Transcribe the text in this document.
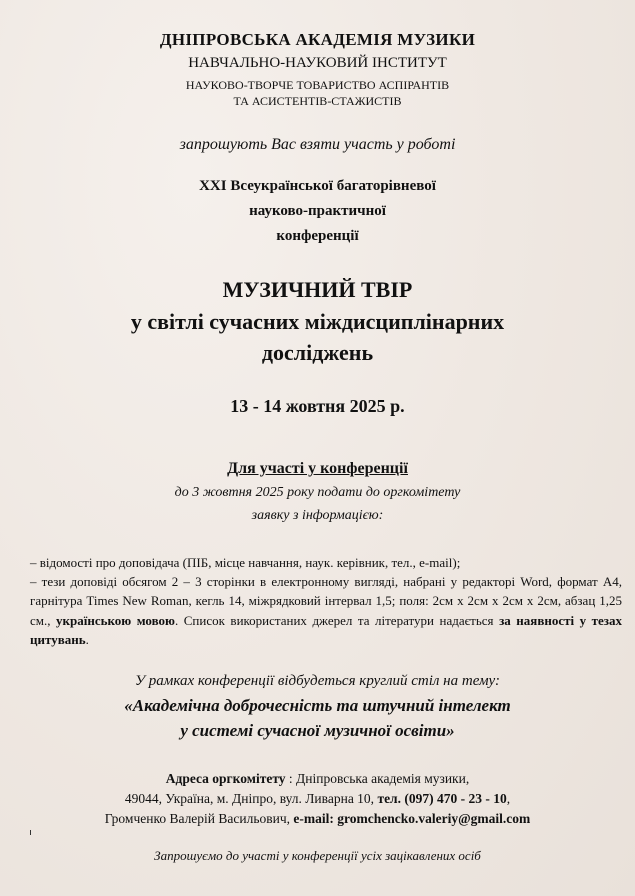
ДНІПРОВСЬКА АКАДЕМІЯ МУЗИКИ
НАВЧАЛЬНО-НАУКОВИЙ ІНСТИТУТ
НАУКОВО-ТВОРЧЕ ТОВАРИСТВО АСПІРАНТІВ
ТА АСИСТЕНТІВ-СТАЖИСТІВ
запрошують Вас взяти участь у роботі
XXI Всеукраїнської багаторівневої
науково-практичної
конференції
МУЗИЧНИЙ ТВІР
у світлі сучасних міждисциплінарних
досліджень
13 - 14 жовтня 2025 р.
Для участі у конференції
до 3 жовтня 2025 року подати до оргкомітету
заявку з інформацією:

– відомості про доповідача (ПІБ, місце навчання, наук. керівник, тел., e-mail);

– тези доповіді обсягом 2 – 3 сторінки в електронному вигляді, набрані у редакторі Word, формат А4, гарнітура Times New Roman, кегль 14, міжрядковий інтервал 1,5; поля: 2см х 2см х 2см х 2см, абзац 1,25 см., українською мовою. Список використаних джерел та літератури надається за наявності у тезах цитувань.

У рамках конференції відбудеться круглий стіл на тему:
«Академічна доброчесність та штучний інтелект
у системі сучасної музичної освіти»
Адреса оргкомітету : Дніпровська академія музики,
49044, Україна, м. Дніпро, вул. Ливарна 10, тел. (097) 470 - 23 - 10,
Громченко Валерій Васильович, e-mail: gromchencko.valeriy@gmail.com
Запрошуємо до участі у конференції усіх зацікавлених осіб
